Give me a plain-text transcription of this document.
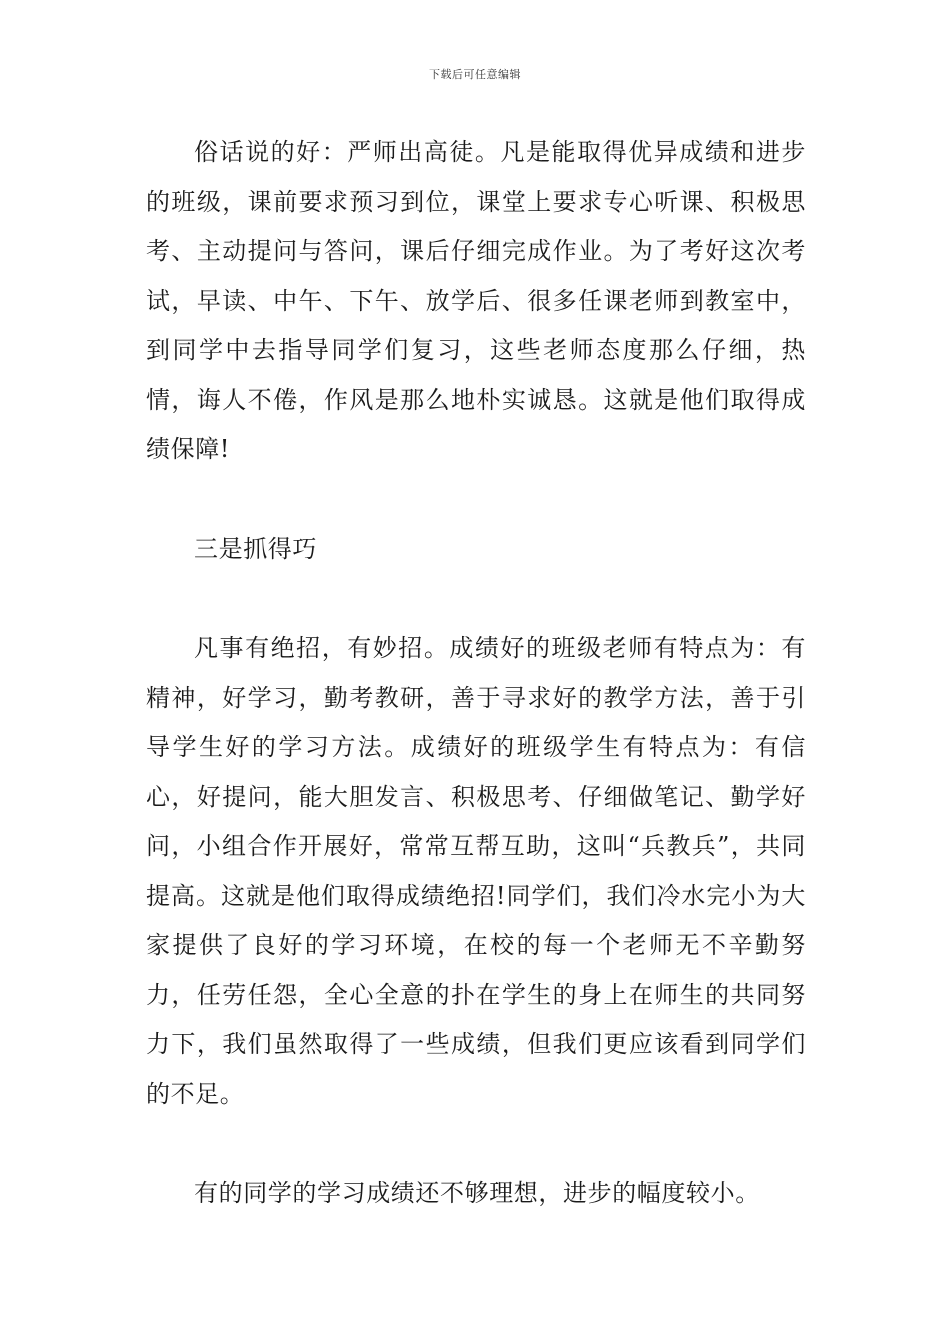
下载后可任意编辑

俗话说的好：严师出高徒。凡是能取得优异成绩和进步的班级，课前要求预习到位，课堂上要求专心听课、积极思考、主动提问与答问，课后仔细完成作业。为了考好这次考试，早读、中午、下午、放学后、很多任课老师到教室中，到同学中去指导同学们复习，这些老师态度那么仔细，热情，诲人不倦，作风是那么地朴实诚恳。这就是他们取得成绩保障!

三是抓得巧

凡事有绝招，有妙招。成绩好的班级老师有特点为：有精神，好学习，勤考教研，善于寻求好的教学方法，善于引导学生好的学习方法。成绩好的班级学生有特点为：有信心，好提问，能大胆发言、积极思考、仔细做笔记、勤学好问，小组合作开展好，常常互帮互助，这叫“兵教兵”，共同提高。这就是他们取得成绩绝招!同学们，我们冷水完小为大家提供了良好的学习环境，在校的每一个老师无不辛勤努力，任劳任怨，全心全意的扑在学生的身上在师生的共同努力下，我们虽然取得了一些成绩，但我们更应该看到同学们的不足。

有的同学的学习成绩还不够理想，进步的幅度较小。
